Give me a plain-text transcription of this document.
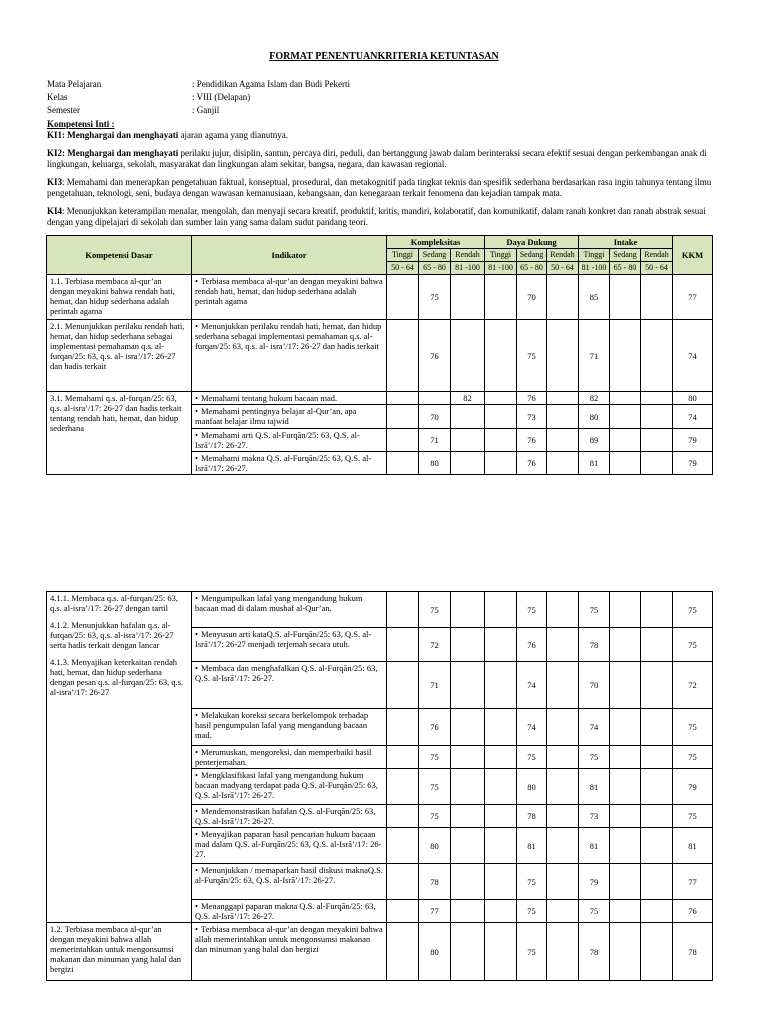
FORMAT PENENTUANKRITERIA KETUNTASAN
Mata Pelajaran	: Pendidikan Agama Islam dan Budi Pekerti
Kelas	: VIII (Delapan)
Semester	: Ganjil
Kompetensi Inti :

KI1: Menghargai dan menghayati ajaran agama yang dianutnya.

KI2: Menghargai dan menghayati perilaku jujur, disiplin, santun, percaya diri, peduli, dan bertanggung jawab dalam berinteraksi secara efektif sesuai dengan perkembangan anak di lingkungan, keluarga, sekolah, masyarakat dan lingkungan alam sekitar, bangsa, negara, dan kawasan regional.

KI3: Memahami dan menerapkan pengetahuan faktual, konseptual, prosedural, dan metakognitif pada tingkat teknis dan spesifik sederhana berdasarkan rasa ingin tahunya tentang ilmu pengetahuan, teknologi, seni, budaya dengan wawasan kemanusiaan, kebangsaan, dan kenegaraan terkait fenomena dan kejadian tampak mata.

KI4: Menunjukkan keterampilan menalar, mengolah, dan menyaji secara kreatif, produktif, kritis, mandiri, kolaboratif, dan komunikatif, dalam ranah konkret dan ranah abstrak sesuai dengan yang dipelajari di sekolah dan sumber lain yang sama dalam sudut pandang teori.

Kompetensi Dasar	Indikator	Kompleksitas			Daya Dukung			Intake			KKM
		Tinggi	Sedang	Rendah	Tinggi	Sedang	Rendah	Tinggi	Sedang	Rendah	
		50 - 64	65 - 80	81 -100	81 -100	65 - 80	50 - 64	81 -100	65 - 80	50 - 64	

1.1. Terbiasa membaca al-qur’an dengan meyakini bahwa rendah hati, hemat, dan hidup sederhana adalah perintah agama	• Terbiasa membaca al-qur’an dengan meyakini bahwa rendah hati, hemat, dan hidup sederhana adalah perintah agama		75			70		85			77

2.1. Menunjukkan perilaku rendah hati, hemat, dan hidup sederhana sebagai implementasi pemahaman q.s. al-furqan/25: 63, q.s. al- isra’/17: 26-27 dan hadis terkait	• Menunjukkan perilaku rendah hati, hemat, dan hidup sederhana sebagai implementasi pemahaman q.s. al-furqan/25: 63, q.s. al- isra’/17: 26-27 dan hadis terkait		76			75		71			74

3.1. Memahami q.s. al-furqan/25: 63, q.s. al-isra’/17: 26-27 dan hadis terkait tentang rendah hati, hemat, dan hidup sederhana	• Memahami tentang hukum bacaan mad.			82		76		82			80
	• Memahami pentingnya belajar al-Qur’an, apa manfaat belajar ilmu tajwid		70			73		80			74
	• Memahami arti Q.S. al-Furqān/25: 63, Q.S. al-Isrā’/17: 26-27.		71			76		89			79
	• Memahami makna Q.S. al-Furqān/25: 63, Q.S. al-Isrā’/17: 26-27.		80			76		81			79

4.1.1. Membaca q.s. al-furqan/25: 63, q.s. al-isra’/17: 26-27 dengan tartil

4.1.2. Menunjukkan hafalan q.s. al-furqan/25: 63, q.s. al-isra’/17: 26-27 serta hadis terkait dengan lancar

4.1.3. Menyajikan keterkaitan rendah hati, hemat, dan hidup sederhana dengan pesan q.s. al-furqan/25: 63, q.s. al-isra’/17: 26-27	• Mengumpulkan lafal yang mengandung hukum bacaan mad di dalam mushaf al-Qur’an.		75			75		75			75
	• Menyusun arti kataQ.S. al-Furqān/25: 63, Q.S. al-Isrā’/17: 26-27 menjadi terjemah secara utuh.		72			76		78			75
	• Membaca dan menghafalkan Q.S. al-Furqān/25: 63, Q.S. al-Isrā’/17: 26-27.		71			74		70			72
	• Melakukan koreksi secara berkelompok terhadap hasil pengumpulan lafal yang mengandung bacaan mad.		76			74		74			75
	• Merumuskan, mengoreksi, dan memperbaiki hasil penterjemahan.		75			75		75			75
	• Mengklasifikasi lafal yang mengandung hukum bacaan madyang terdapat pada Q.S. al-Furqān/25: 63, Q.S. al-Isrā’/17: 26-27.		75			80		81			79
	• Mendemonstrasikan hafalan Q.S. al-Furqān/25: 63, Q.S. al-Isrā’/17: 26-27.		75			78		73			75
	• Menyajikan paparan hasil pencarian hukum bacaan mad dalam Q.S. al-Furqān/25: 63, Q.S. al-Isrā’/17: 26-27.		80			81		81			81
	• Menunjukkan / memaparkan hasil diskusi maknaQ.S. al-Furqān/25: 63, Q.S. al-Isrā’/17: 26-27.		78			75		79			77
	• Menanggapi paparan makna Q.S. al-Furqān/25: 63, Q.S. al-Isrā’/17: 26-27.		77			75		75			76

1.2. Terbiasa membaca al-qur’an dengan meyakini bahwa allah memerintahkan untuk mengonsumsi makanan dan minuman yang halal dan bergizi	• Terbiasa membaca al-qur’an dengan meyakini bahwa allah memerintahkan untuk mengonsumsi makanan dan minuman yang halal dan bergizi		80			75		78			78
